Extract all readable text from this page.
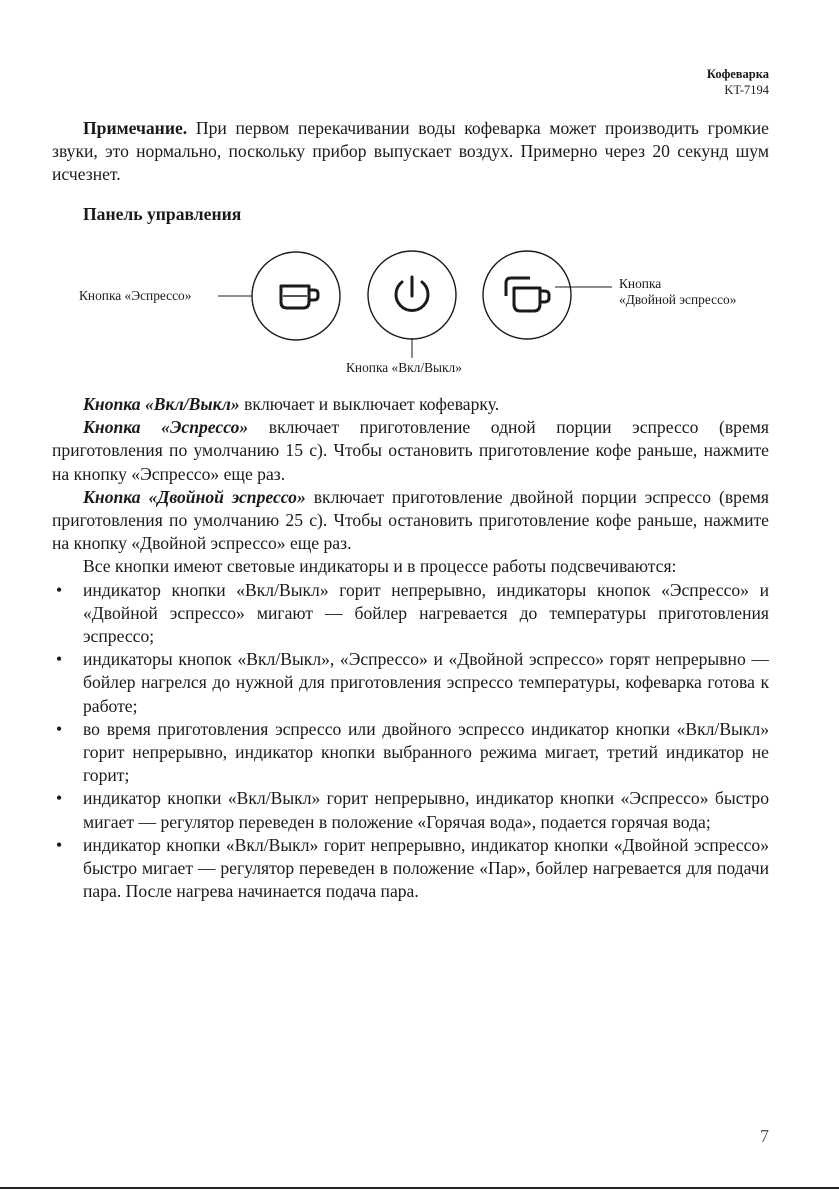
Кофеварка
KT-7194
Примечание. При первом перекачивании воды кофеварка может производить громкие звуки, это нормально, поскольку прибор выпускает воздух. Примерно через 20 секунд шум исчезнет.
Панель управления
Кнопка «Эспрессо»
Кнопка «Вкл/Выкл»
Кнопка
«Двойной эспрессо»

Кнопка «Вкл/Выкл» включает и выключает кофеварку.

Кнопка «Эспрессо» включает приготовление одной порции эспрессо (время приготовления по умолчанию 15 с). Чтобы остановить приготовление кофе раньше, нажмите на кнопку «Эспрессо» еще раз.

Кнопка «Двойной эспрессо» включает приготовление двойной порции эспрессо (время приготовления по умолчанию 25 с). Чтобы остановить приготовление кофе раньше, нажмите на кнопку «Двойной эспрессо» еще раз.

Все кнопки имеют световые индикаторы и в процессе работы подсвечиваются:

• индикатор кнопки «Вкл/Выкл» горит непрерывно, индикаторы кнопок «Эспрессо» и «Двойной эспрессо» мигают — бойлер нагревается до температуры приготовления эспрессо;
• индикаторы кнопок «Вкл/Выкл», «Эспрессо» и «Двойной эспрессо» горят непрерывно — бойлер нагрелся до нужной для приготовления эспрессо температуры, кофеварка готова к работе;
• во время приготовления эспрессо или двойного эспрессо индикатор кнопки «Вкл/Выкл» горит непрерывно, индикатор кнопки выбранного режима мигает, третий индикатор не горит;
• индикатор кнопки «Вкл/Выкл» горит непрерывно, индикатор кнопки «Эспрессо» быстро мигает — регулятор переведен в положение «Горячая вода», подается горячая вода;
• индикатор кнопки «Вкл/Выкл» горит непрерывно, индикатор кнопки «Двойной эспрессо» быстро мигает — регулятор переведен в положение «Пар», бойлер нагревается для подачи пара. После нагрева начинается подача пара.
7
